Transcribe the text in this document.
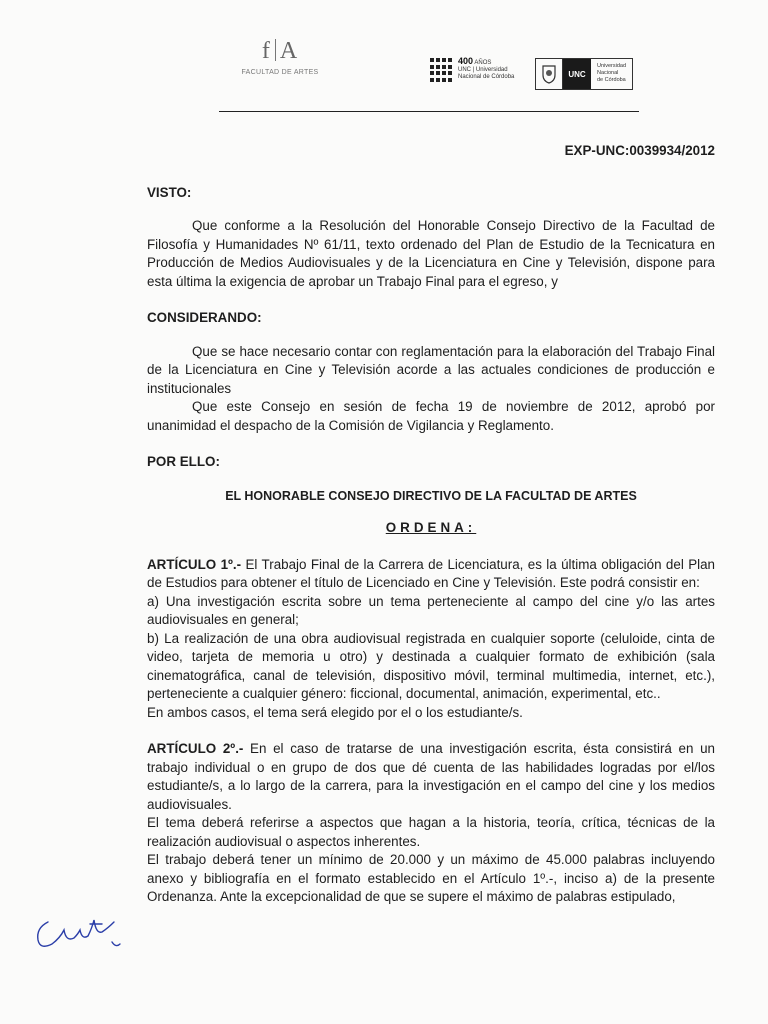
f A
FACULTAD DE ARTES
400 AÑOS
UNC | Universidad
Nacional de Córdoba	UNC
Universidad
Nacional
de Córdoba
EXP-UNC:0039934/2012
VISTO:

Que conforme a la Resolución del Honorable Consejo Directivo de la Facultad de Filosofía y Humanidades Nº 61/11, texto ordenado del Plan de Estudio de la Tecnicatura en Producción de Medios Audiovisuales y de la Licenciatura en Cine y Televisión, dispone para esta última la exigencia de aprobar un Trabajo Final para el egreso, y

CONSIDERANDO:

Que se hace necesario contar con reglamentación para la elaboración del Trabajo Final de la Licenciatura en Cine y Televisión acorde a las actuales condiciones de producción e institucionales

Que este Consejo en sesión de fecha 19 de noviembre de 2012, aprobó por unanimidad el despacho de la Comisión de Vigilancia y Reglamento.

POR ELLO:
EL HONORABLE CONSEJO DIRECTIVO DE LA FACULTAD DE ARTES
ORDENA:

ARTÍCULO 1º.- El Trabajo Final de la Carrera de Licenciatura, es la última obligación del Plan de Estudios para obtener el título de Licenciado en Cine y Televisión. Este podrá consistir en:

a) Una investigación escrita sobre un tema perteneciente al campo del cine y/o las artes audiovisuales en general;

b) La realización de una obra audiovisual registrada en cualquier soporte (celuloide, cinta de video, tarjeta de memoria u otro) y destinada a cualquier formato de exhibición (sala cinematográfica, canal de televisión, dispositivo móvil, terminal multimedia, internet, etc.), perteneciente a cualquier género: ficcional, documental, animación, experimental, etc..

En ambos casos, el tema será elegido por el o los estudiante/s.

ARTÍCULO 2º.- En el caso de tratarse de una investigación escrita, ésta consistirá en un trabajo individual o en grupo de dos que dé cuenta de las habilidades logradas por el/los estudiante/s, a lo largo de la carrera, para la investigación en el campo del cine y los medios audiovisuales.

El tema deberá referirse a aspectos que hagan a la historia, teoría, crítica, técnicas de la realización audiovisual o aspectos inherentes.

El trabajo deberá tener un mínimo de 20.000 y un máximo de 45.000 palabras incluyendo anexo y bibliografía en el formato establecido en el Artículo 1º.-, inciso a) de la presente Ordenanza. Ante la excepcionalidad de que se supere el máximo de palabras estipulado,
